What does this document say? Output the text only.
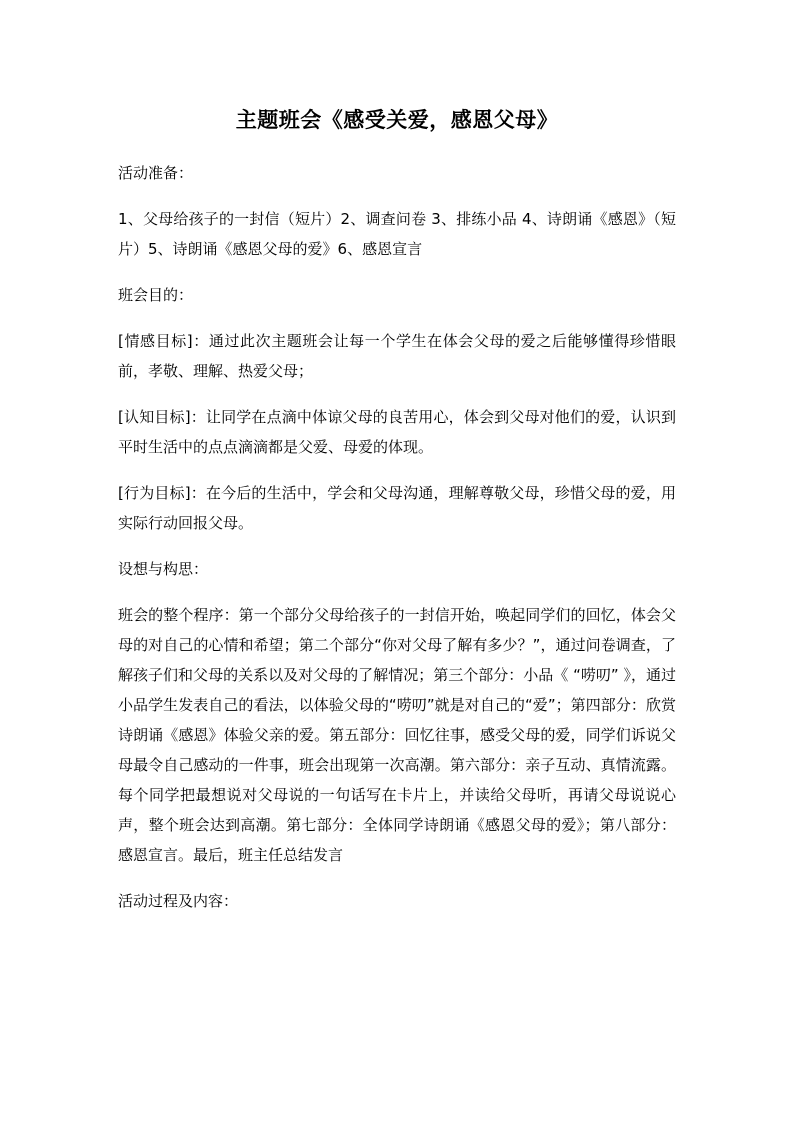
主题班会《感受关爱，感恩父母》

活动准备：

1、父母给孩子的一封信（短片）2、调查问卷 3、排练小品 4、诗朗诵《感恩》（短片）5、诗朗诵《感恩父母的爱》6、感恩宣言

班会目的：

[情感目标]：通过此次主题班会让每一个学生在体会父母的爱之后能够懂得珍惜眼前，孝敬、理解、热爱父母；

[认知目标]：让同学在点滴中体谅父母的良苦用心，体会到父母对他们的爱，认识到平时生活中的点点滴滴都是父爱、母爱的体现。

[行为目标]：在今后的生活中，学会和父母沟通，理解尊敬父母，珍惜父母的爱，用实际行动回报父母。

设想与构思：

班会的整个程序：第一个部分父母给孩子的一封信开始，唤起同学们的回忆，体会父母的对自己的心情和希望；第二个部分“你对父母了解有多少？”，通过问卷调查，了解孩子们和父母的关系以及对父母的了解情况；第三个部分：小品《 “唠叨” 》，通过小品学生发表自己的看法，以体验父母的“唠叨”就是对自己的“爱”；第四部分：欣赏诗朗诵《感恩》体验父亲的爱。第五部分：回忆往事，感受父母的爱，同学们诉说父母最令自己感动的一件事，班会出现第一次高潮。第六部分：亲子互动、真情流露。每个同学把最想说对父母说的一句话写在卡片上，并读给父母听，再请父母说说心声，整个班会达到高潮。第七部分：全体同学诗朗诵《感恩父母的爱》；第八部分：感恩宣言。最后，班主任总结发言

活动过程及内容：
